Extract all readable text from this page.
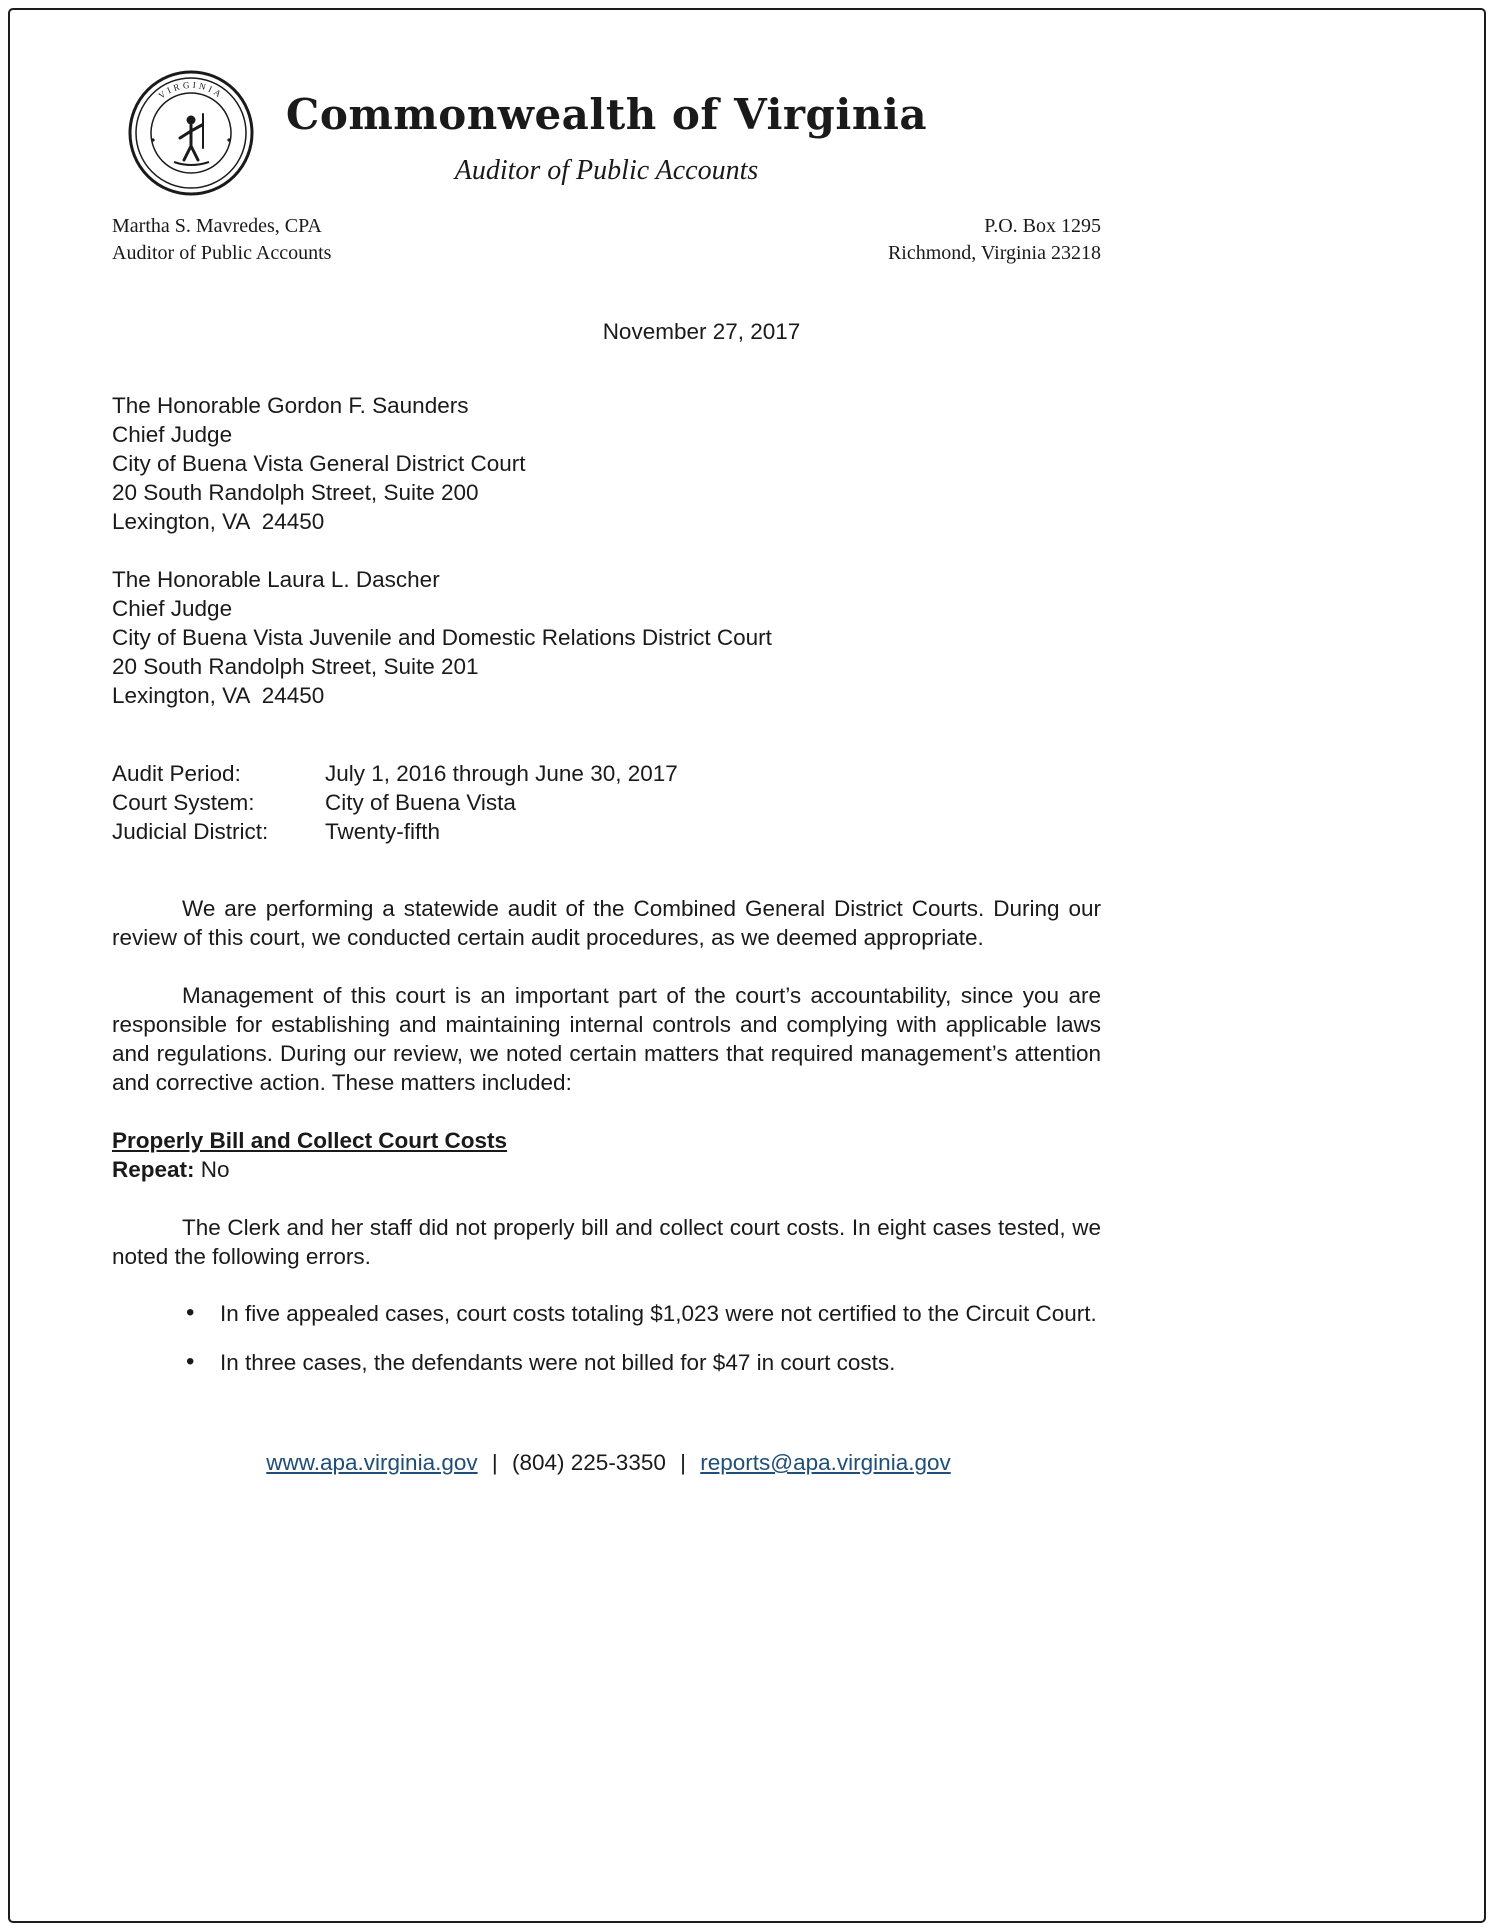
VIRGINIA	Commonwealth of Virginia
Auditor of Public Accounts
Martha S. Mavredes, CPA
Auditor of Public Accounts
P.O. Box 1295
Richmond, Virginia 23218
November 27, 2017
The Honorable Gordon F. Saunders
Chief Judge
City of Buena Vista General District Court
20 South Randolph Street, Suite 200
Lexington, VA  24450
The Honorable Laura L. Dascher
Chief Judge
City of Buena Vista Juvenile and Domestic Relations District Court
20 South Randolph Street, Suite 201
Lexington, VA  24450
Audit Period:	July 1, 2016 through June 30, 2017
Court System:	City of Buena Vista
Judicial District:	Twenty-fifth

We are performing a statewide audit of the Combined General District Courts. During our review of this court, we conducted certain audit procedures, as we deemed appropriate.

Management of this court is an important part of the court’s accountability, since you are responsible for establishing and maintaining internal controls and complying with applicable laws and regulations. During our review, we noted certain matters that required management’s attention and corrective action. These matters included:

Properly Bill and Collect Court Costs
Repeat: No

The Clerk and her staff did not properly bill and collect court costs. In eight cases tested, we noted the following errors.

• In five appealed cases, court costs totaling $1,023 were not certified to the Circuit Court.
• In three cases, the defendants were not billed for $47 in court costs.
www.apa.virginia.gov | (804) 225-3350 | reports@apa.virginia.gov
